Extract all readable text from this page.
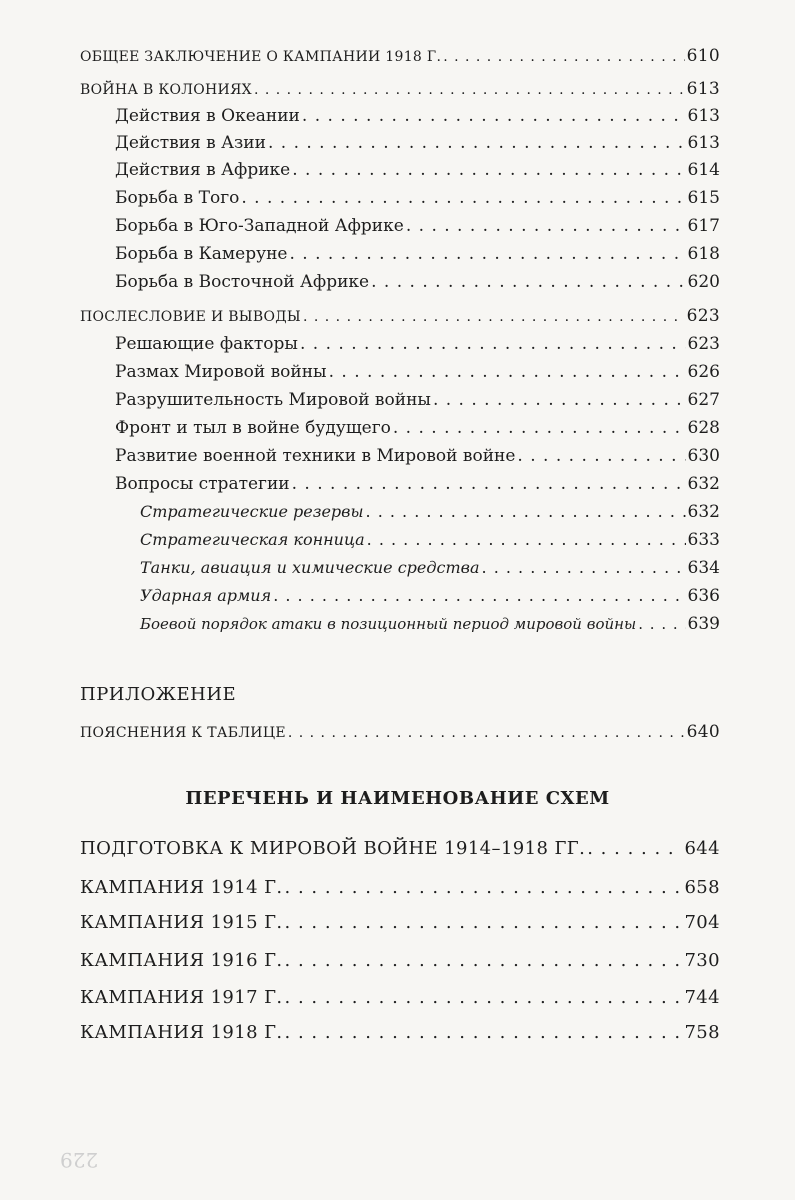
ОБЩЕЕ ЗАКЛЮЧЕНИЕ О КАМПАНИИ 1918 Г. . . .	610
ВОЙНА В КОЛОНИЯХ . . .	613
Действия в Океании . . .	613
Действия в Азии . . .	613
Действия в Африке . . .	614
Борьба в Того . . .	615
Борьба в Юго-Западной Африке . . .	617
Борьба в Камеруне . . .	618
Борьба в Восточной Африке . . .	620
ПОСЛЕСЛОВИЕ И ВЫВОДЫ . . .	623
Решающие факторы . . .	623
Размах Мировой войны . . .	626
Разрушительность Мировой войны . . .	627
Фронт и тыл в войне будущего . . .	628
Развитие военной техники в Мировой войне . . .	630
Вопросы стратегии . . .	632
Стратегические резервы . . .	632
Стратегическая конница . . .	633
Танки, авиация и химические средства . . .	634
Ударная армия . . .	636
Боевой порядок атаки в позиционный период мировой войны . . .	639
ПРИЛОЖЕНИЕ
ПОЯСНЕНИЯ К ТАБЛИЦЕ . . .	640
ПЕРЕЧЕНЬ И НАИМЕНОВАНИЕ СХЕМ
ПОДГОТОВКА К МИРОВОЙ ВОЙНЕ 1914–1918 ГГ. . . .	644
КАМПАНИЯ 1914 Г. . . .	658
КАМПАНИЯ 1915 Г. . . .	704
КАМПАНИЯ 1916 Г. . . .	730
КАМПАНИЯ 1917 Г. . . .	744
КАМПАНИЯ 1918 Г. . . .	758
229
